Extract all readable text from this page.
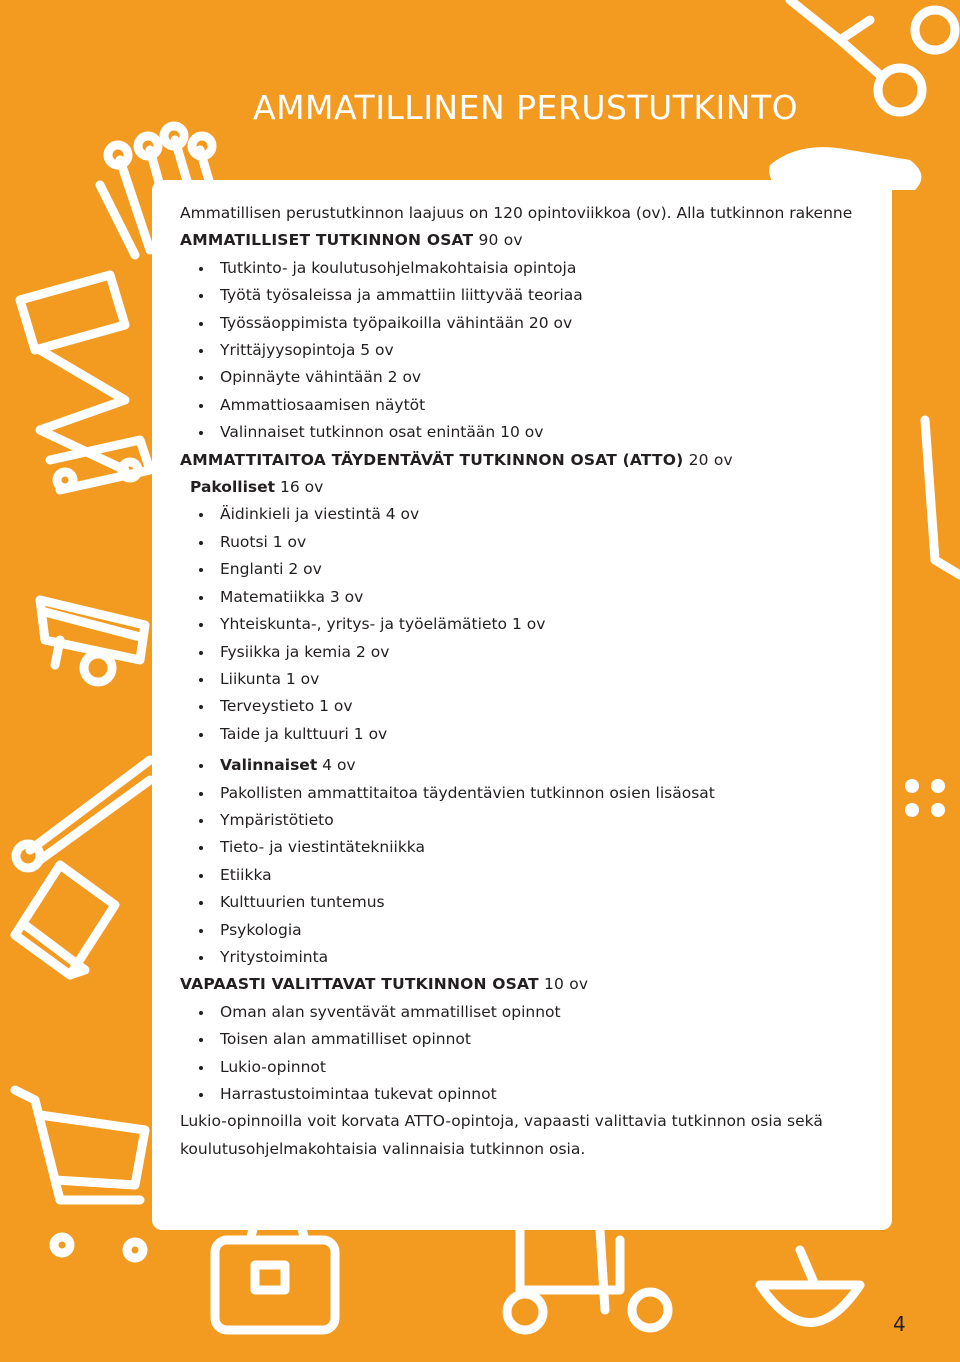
AMMATILLINEN PERUSTUTKINTO

Ammatillisen perustutkinnon laajuus on 120 opintoviikkoa (ov). Alla tutkinnon rakenne

AMMATILLISET TUTKINNON OSAT 90 ov

Tutkinto- ja koulutusohjelmakohtaisia opintoja
Työtä työsaleissa ja ammattiin liittyvää teoriaa
Työssäoppimista työpaikoilla vähintään 20 ov
Yrittäjyysopintoja 5 ov
Opinnäyte vähintään 2 ov
Ammattiosaamisen näytöt
Valinnaiset tutkinnon osat enintään 10 ov

AMMATTITAITOA TÄYDENTÄVÄT TUTKINNON OSAT (ATTO) 20 ov

Pakolliset 16 ov

Äidinkieli ja viestintä 4 ov
Ruotsi 1 ov
Englanti 2 ov
Matematiikka 3 ov
Yhteiskunta-, yritys- ja työelämätieto 1 ov
Fysiikka ja kemia 2 ov
Liikunta 1 ov
Terveystieto 1 ov
Taide ja kulttuuri 1 ov
Valinnaiset 4 ov
Pakollisten ammattitaitoa täydentävien tutkinnon osien lisäosat
Ympäristötieto
Tieto- ja viestintätekniikka
Etiikka
Kulttuurien tuntemus
Psykologia
Yritystoiminta

VAPAASTI VALITTAVAT TUTKINNON OSAT 10 ov

Oman alan syventävät ammatilliset opinnot
Toisen alan ammatilliset opinnot
Lukio-opinnot
Harrastustoimintaa tukevat opinnot

Lukio-opinnoilla voit korvata ATTO-opintoja, vapaasti valittavia tutkinnon osia sekä koulutusohjelmakohtaisia valinnaisia tutkinnon osia.

4
